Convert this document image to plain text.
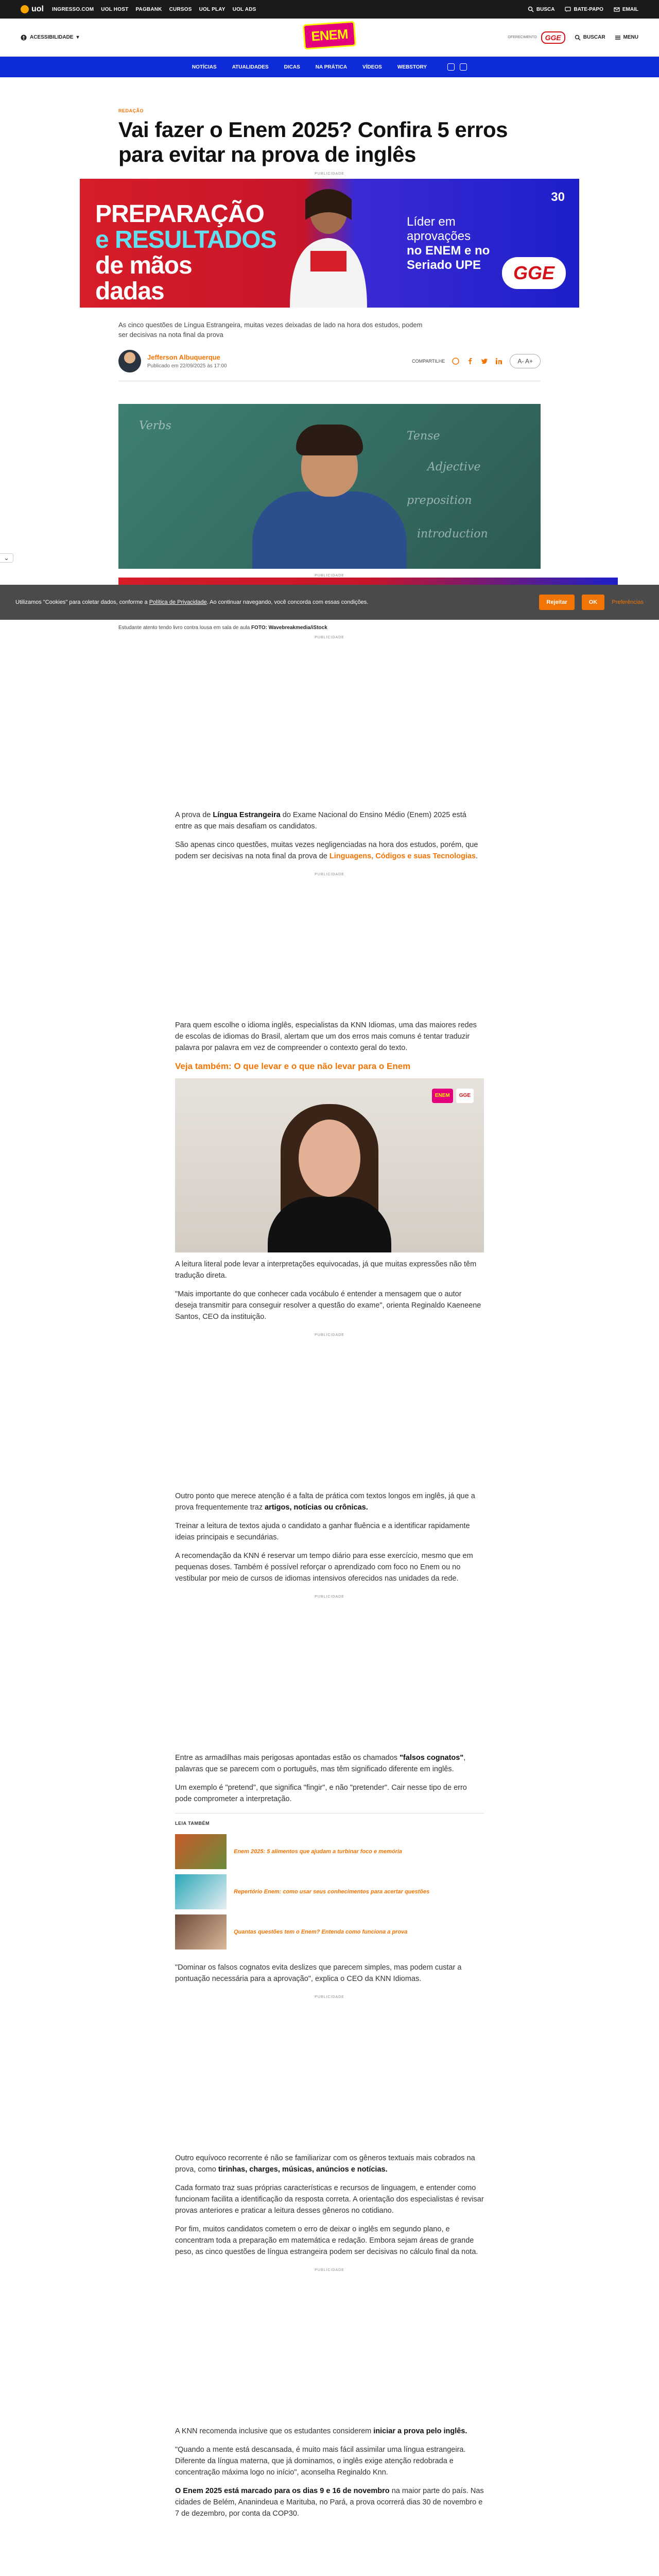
uol INGRESSO.COM UOL HOST PAGBANK CURSOS UOL PLAY UOL ADS	BUSCA	BATE-PAPO	EMAIL
ACESSIBILIDADE ▾	ENEM	OFERECIMENTO	GGE	BUSCAR	MENU
NOTÍCIAS	ATUALIDADES	DICAS	NA PRÁTICA	VÍDEOS	WEBSTORY
REDAÇÃO
Vai fazer o Enem 2025? Confira 5 erros para evitar na prova de inglês
PUBLICIDADE
PREPARAÇÃO
e RESULTADOS
de mãos
dadas
Líder em
aprovações
no ENEM e no
Seriado UPE
30
GGE

As cinco questões de Língua Estrangeira, muitas vezes deixadas de lado na hora dos estudos, podem ser decisivas na nota final da prova

Jefferson Albuquerque
Publicado em 22/09/2025 às 17:00
COMPARTILHE	A- A+
Verbs
Tense
Adjective
preposition
introduction
⌄
PUBLICIDADE
Utilizamos "Cookies" para coletar dados, conforme a Política de Privacidade. Ao continuar navegando, você concorda com essas condições.	Rejeitar	OK	Preferências
Estudante atento tendo livro contra lousa em sala de aula FOTO: Wavebreakmedia/iStock
PUBLICIDADE

A prova de Língua Estrangeira do Exame Nacional do Ensino Médio (Enem) 2025 está entre as que mais desafiam os candidatos.

São apenas cinco questões, muitas vezes negligenciadas na hora dos estudos, porém, que podem ser decisivas na nota final da prova de Linguagens, Códigos e suas Tecnologias.

PUBLICIDADE

Para quem escolhe o idioma inglês, especialistas da KNN Idiomas, uma das maiores redes de escolas de idiomas do Brasil, alertam que um dos erros mais comuns é tentar traduzir palavra por palavra em vez de compreender o contexto geral do texto.

Veja também: O que levar e o que não levar para o Enem
ENEM	GGE

A leitura literal pode levar a interpretações equivocadas, já que muitas expressões não têm tradução direta.

"Mais importante do que conhecer cada vocábulo é entender a mensagem que o autor deseja transmitir para conseguir resolver a questão do exame", orienta Reginaldo Kaeneene Santos, CEO da instituição.

PUBLICIDADE

Outro ponto que merece atenção é a falta de prática com textos longos em inglês, já que a prova frequentemente traz artigos, notícias ou crônicas.

Treinar a leitura de textos ajuda o candidato a ganhar fluência e a identificar rapidamente ideias principais e secundárias.

A recomendação da KNN é reservar um tempo diário para esse exercício, mesmo que em pequenas doses. Também é possível reforçar o aprendizado com foco no Enem ou no vestibular por meio de cursos de idiomas intensivos oferecidos nas unidades da rede.

PUBLICIDADE

Entre as armadilhas mais perigosas apontadas estão os chamados "falsos cognatos", palavras que se parecem com o português, mas têm significado diferente em inglês.

Um exemplo é "pretend", que significa "fingir", e não "pretender". Cair nesse tipo de erro pode comprometer a interpretação.

LEIA TAMBÉM
Enem 2025: 5 alimentos que ajudam a turbinar foco e memória
Repertório Enem: como usar seus conhecimentos para acertar questões
Quantas questões tem o Enem? Entenda como funciona a prova

"Dominar os falsos cognatos evita deslizes que parecem simples, mas podem custar a pontuação necessária para a aprovação", explica o CEO da KNN Idiomas.

PUBLICIDADE

Outro equívoco recorrente é não se familiarizar com os gêneros textuais mais cobrados na prova, como tirinhas, charges, músicas, anúncios e notícias.

Cada formato traz suas próprias características e recursos de linguagem, e entender como funcionam facilita a identificação da resposta correta. A orientação dos especialistas é revisar provas anteriores e praticar a leitura desses gêneros no cotidiano.

Por fim, muitos candidatos cometem o erro de deixar o inglês em segundo plano, e concentram toda a preparação em matemática e redação. Embora sejam áreas de grande peso, as cinco questões de língua estrangeira podem ser decisivas no cálculo final da nota.

PUBLICIDADE

A KNN recomenda inclusive que os estudantes considerem iniciar a prova pelo inglês.

"Quando a mente está descansada, é muito mais fácil assimilar uma língua estrangeira. Diferente da língua materna, que já dominamos, o inglês exige atenção redobrada e concentração máxima logo no início", aconselha Reginaldo Knn.

O Enem 2025 está marcado para os dias 9 e 16 de novembro na maior parte do país. Nas cidades de Belém, Ananindeua e Marituba, no Pará, a prova ocorrerá dias 30 de novembro e 7 de dezembro, por conta da COP30.
